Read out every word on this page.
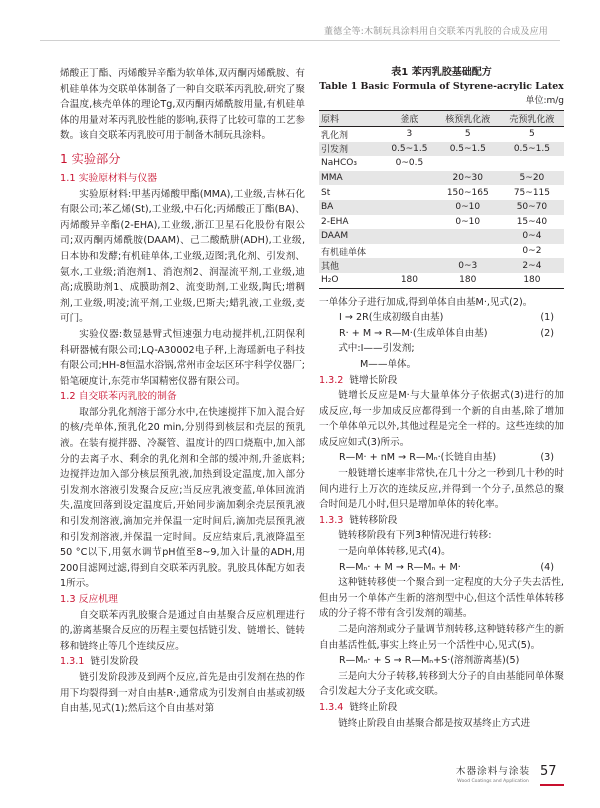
董德全等:木制玩具涂料用自交联苯丙乳胶的合成及应用

烯酸正丁酯、丙烯酸异辛酯为软单体,双丙酮丙烯酰胺、有机硅单体为交联单体制备了一种自交联苯丙乳胶,研究了聚合温度,核壳单体的理论Tg,双丙酮丙烯酰胺用量,有机硅单体的用量对苯丙乳胶性能的影响,获得了比较可靠的工艺参数。该自交联苯丙乳胶可用于制备木制玩具涂料。

1 实验部分
1.1 实验原材料与仪器

实验原材料:甲基丙烯酸甲酯(MMA),工业级,吉林石化有限公司;苯乙烯(St),工业级,中石化;丙烯酸正丁酯(BA)、丙烯酸异辛酯(2-EHA),工业级,浙江卫星石化股份有限公司;双丙酮丙烯酰胺(DAAM)、己二酸酰肼(ADH),工业级,日本协和发酵;有机硅单体,工业级,迈图;乳化剂、引发剂、氨水,工业级;消泡剂1、消泡剂2、润湿流平剂,工业级,迪高;成膜助剂1、成膜助剂2、流变助剂,工业级,陶氏;增稠剂,工业级,明凌;流平剂,工业级,巴斯夫;蜡乳液,工业级,麦可门。

实验仪器:数显悬臂式恒速强力电动搅拌机,江阴保利科研器械有限公司;LQ-A30002电子秤,上海瑶新电子科技有限公司;HH-8恒温水浴锅,常州市金坛区环宇科学仪器厂;铅笔硬度计,东莞市华国精密仪器有限公司。

1.2 自交联苯丙乳胶的制备

取部分乳化剂溶于部分水中,在快速搅拌下加入混合好的核/壳单体,预乳化20 min,分别得到核层和壳层的预乳液。在装有搅拌器、冷凝管、温度计的四口烧瓶中,加入部分的去离子水、剩余的乳化剂和全部的缓冲剂,升釜底料;边搅拌边加入部分核层预乳液,加热到设定温度,加入部分引发剂水溶液引发聚合反应;当反应乳液变蓝,单体回流消失,温度回落到设定温度后,开始同步滴加剩余壳层预乳液和引发剂溶液,滴加完并保温一定时间后,滴加壳层预乳液和引发剂溶液,并保温一定时间。反应结束后,乳液降温至50 °C以下,用氨水调节pH值至8~9,加入计量的ADH,用200目滤网过滤,得到自交联苯丙乳胶。乳胶具体配方如表1所示。

1.3 反应机理

自交联苯丙乳胶聚合是通过自由基聚合反应机理进行的,游离基聚合反应的历程主要包括链引发、链增长、链转移和链终止等几个连续反应。

1.3.1 链引发阶段

链引发阶段涉及到两个反应,首先是由引发剂在热的作用下均裂得到一对自由基R·,通常成为引发剂自由基或初级自由基,见式(1);然后这个自由基对第

表1 苯丙乳胶基础配方
Table 1 Basic Formula of Styrene-acrylic Latex
单位:m/g
原料	釜底	核预乳化液	壳预乳化液
乳化剂	3	5	5
引发剂	0.5~1.5	0.5~1.5	0.5~1.5
NaHCO₃	0~0.5		
MMA		20~30	5~20
St		150~165	75~115
BA		0~10	50~70
2-EHA		0~10	15~40
DAAM			0~4
有机硅单体			0~2
其他		0~3	2~4
H₂O	180	180	180

一单体分子进行加成,得到单体自由基M·,见式(2)。

I → 2R(生成初级自由基)	(1)
R· + M → R—M·(生成单体自由基)	(2)

式中:I——引发剂;

M——单体。

1.3.2 链增长阶段

链增长反应是M·与大量单体分子依据式(3)进行的加成反应,每一步加成反应都得到一个新的自由基,除了增加一个单体单元以外,其他过程是完全一样的。这些连续的加成反应如式(3)所示。

R—M· + nM → R—Mₙ·(长链自由基)	(3)

一般链增长速率非常快,在几十分之一秒到几十秒的时间内进行上万次的连续反应,并得到一个分子,虽然总的聚合时间是几小时,但只是增加单体的转化率。

1.3.3 链转移阶段

链转移阶段有下列3种情况进行转移:

一是向单体转移,见式(4)。

R—Mₙ· + M → R—Mₙ + M·	(4)

这种链转移使一个聚合到一定程度的大分子失去活性,但由另一个单体产生新的溶剂型中心,但这个活性单体转移成的分子将不带有含引发剂的端基。

二是向溶剂或分子量调节剂转移,这种链转移产生的新自由基活性低,事实上终止另一个活性中心,见式(5)。

R—Mₙ· + S → R—Mₙ+S·(溶剂游离基)(5)

三是向大分子转移,转移到大分子的自由基能同单体聚合引发起大分子支化或交联。

1.3.4 链终止阶段

链终止阶段自由基聚合都是按双基终止方式进

木器涂料与涂装
Wood Coatings and Application
57
